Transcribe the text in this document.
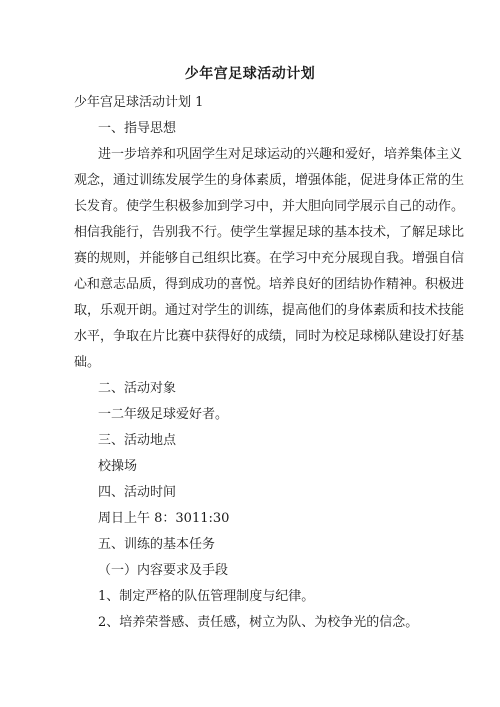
少年宫足球活动计划
少年宫足球活动计划 1
一、指导思想
进一步培养和巩固学生对足球运动的兴趣和爱好，培养集体主义
观念，通过训练发展学生的身体素质，增强体能，促进身体正常的生
长发育。使学生积极参加到学习中，并大胆向同学展示自己的动作。
相信我能行，告别我不行。使学生掌握足球的基本技术，了解足球比
赛的规则，并能够自己组织比赛。在学习中充分展现自我。增强自信
心和意志品质，得到成功的喜悦。培养良好的团结协作精神。积极进
取，乐观开朗。通过对学生的训练，提高他们的身体素质和技术技能
水平，争取在片比赛中获得好的成绩，同时为校足球梯队建设打好基
础。
二、活动对象
一二年级足球爱好者。
三、活动地点
校操场
四、活动时间
周日上午 8：3011:30
五、训练的基本任务
（一）内容要求及手段
1、制定严格的队伍管理制度与纪律。
2、培养荣誉感、责任感，树立为队、为校争光的信念。
